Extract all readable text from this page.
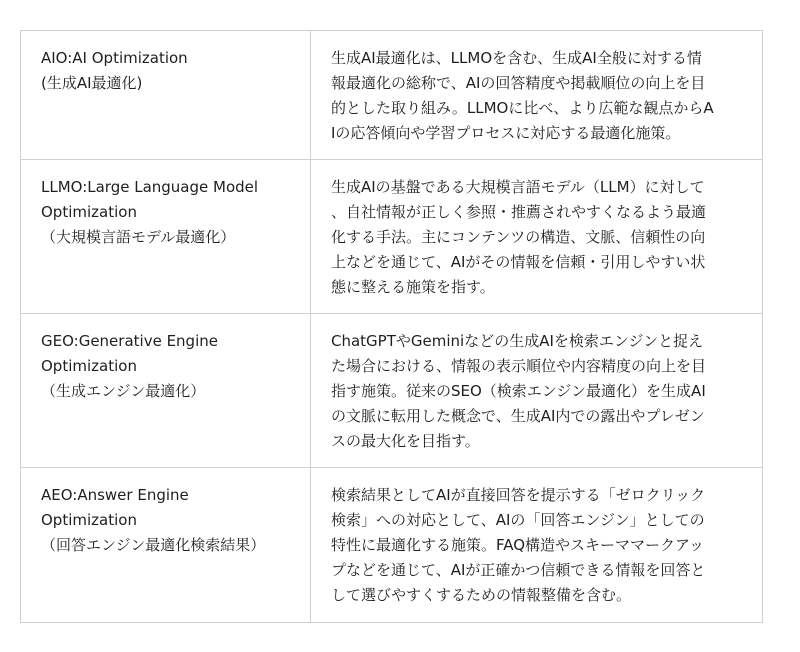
AIO:AI Optimization
(生成AI最適化)	生成AI最適化は、LLMOを含む、生成AI全般に対する情
報最適化の総称で、AIの回答精度や掲載順位の向上を目
的とした取り組み。LLMOに比べ、より広範な観点からA
Iの応答傾向や学習プロセスに対応する最適化施策。

LLMO:Large Language Model
Optimization
（大規模言語モデル最適化）	生成AIの基盤である大規模言語モデル（LLM）に対して
、自社情報が正しく参照・推薦されやすくなるよう最適
化する手法。主にコンテンツの構造、文脈、信頼性の向
上などを通じて、AIがその情報を信頼・引用しやすい状
態に整える施策を指す。

GEO:Generative Engine
Optimization
（生成エンジン最適化）	ChatGPTやGeminiなどの生成AIを検索エンジンと捉え
た場合における、情報の表示順位や内容精度の向上を目
指す施策。従来のSEO（検索エンジン最適化）を生成AI
の文脈に転用した概念で、生成AI内での露出やプレゼン
スの最大化を目指す。

AEO:Answer Engine
Optimization
（回答エンジン最適化検索結果）	検索結果としてAIが直接回答を提示する「ゼロクリック
検索」への対応として、AIの「回答エンジン」としての
特性に最適化する施策。FAQ構造やスキーママークアッ
プなどを通じて、AIが正確かつ信頼できる情報を回答と
して選びやすくするための情報整備を含む。
